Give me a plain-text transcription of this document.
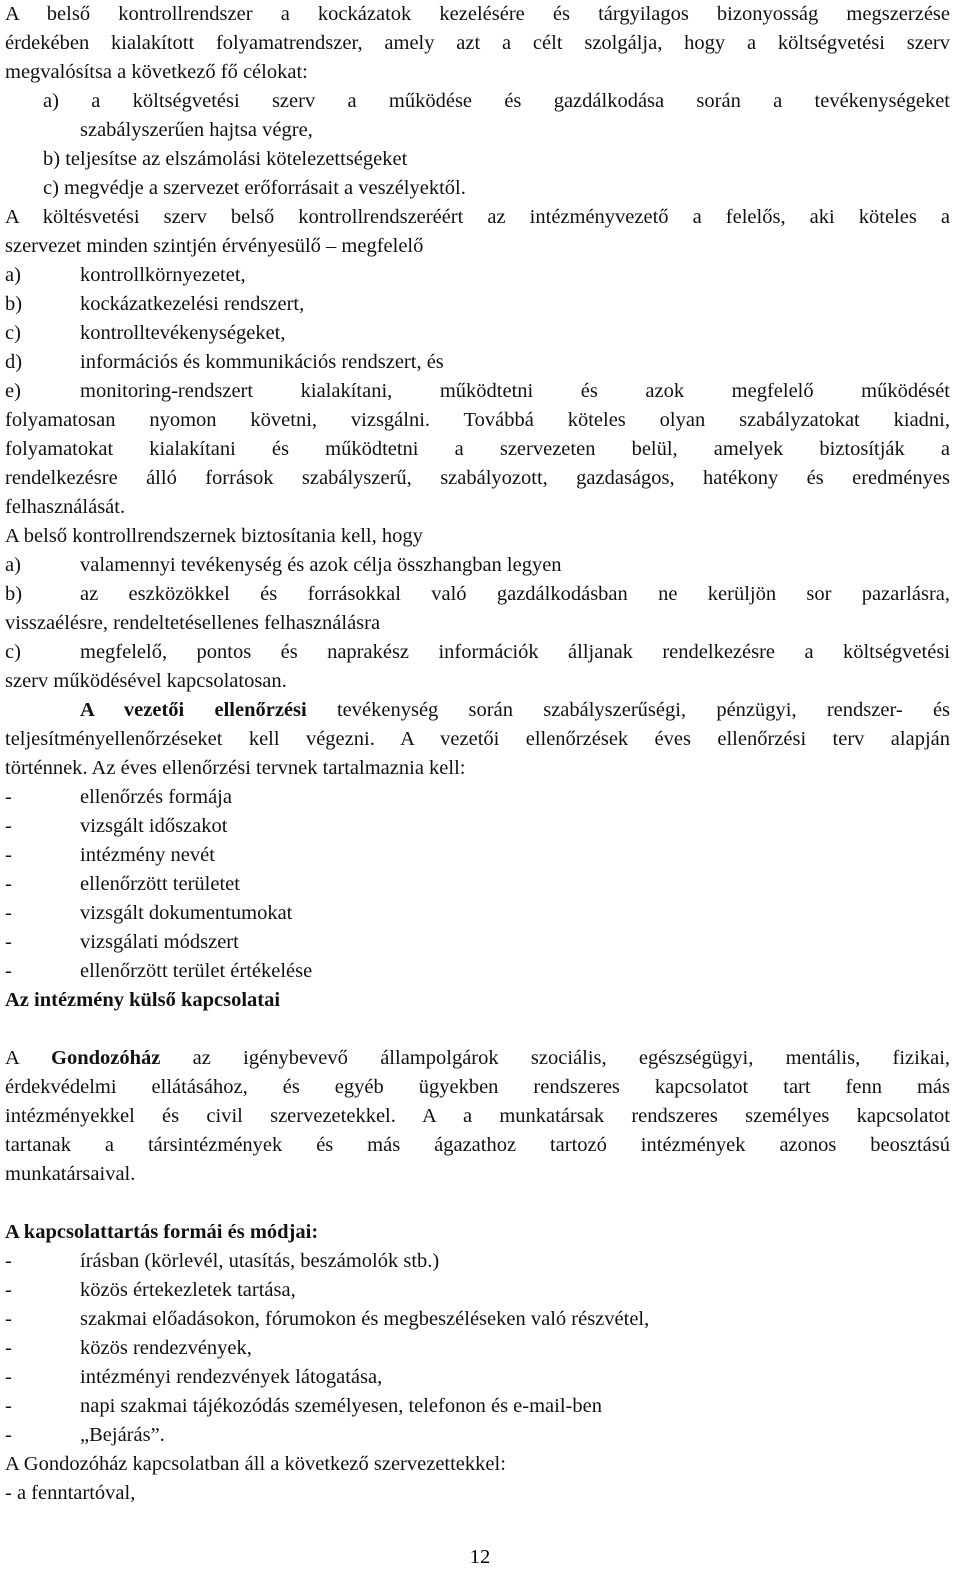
A belső kontrollrendszer a kockázatok kezelésére és tárgyilagos bizonyosság megszerzése
érdekében kialakított folyamatrendszer, amely azt a célt szolgálja, hogy a költségvetési szerv
megvalósítsa a következő fő célokat:
a) a költségvetési szerv a működése és gazdálkodása során a tevékenységeket
szabályszerűen hajtsa végre,
b) teljesítse az elszámolási kötelezettségeket
c) megvédje a szervezet erőforrásait a veszélyektől.
A költésvetési szerv belső kontrollrendszeréért az intézményvezető a felelős, aki köteles a
szervezet minden szintjén érvényesülő – megfelelő
a)	kontrollkörnyezetet,
b)	kockázatkezelési rendszert,
c)	kontrolltevékenységeket,
d)	információs és kommunikációs rendszert, és
e)	monitoring-rendszert kialakítani, működtetni és azok megfelelő működését
folyamatosan nyomon követni, vizsgálni. Továbbá köteles olyan szabályzatokat kiadni,
folyamatokat kialakítani és működtetni a szervezeten belül, amelyek biztosítják a
rendelkezésre álló források szabályszerű, szabályozott, gazdaságos, hatékony és eredményes
felhasználását.
A belső kontrollrendszernek biztosítania kell, hogy
a)	valamennyi tevékenység és azok célja összhangban legyen
b)	az eszközökkel és forrásokkal való gazdálkodásban ne kerüljön sor pazarlásra,
visszaélésre, rendeltetésellenes felhasználásra
c)	megfelelő, pontos és naprakész információk álljanak rendelkezésre a költségvetési
szerv működésével kapcsolatosan.
A vezetői ellenőrzési tevékenység során szabályszerűségi, pénzügyi, rendszer- és
teljesítményellenőrzéseket kell végezni. A vezetői ellenőrzések éves ellenőrzési terv alapján
történnek. Az éves ellenőrzési tervnek tartalmaznia kell:
-	ellenőrzés formája
-	vizsgált időszakot
-	intézmény nevét
-	ellenőrzött területet
-	vizsgált dokumentumokat
-	vizsgálati módszert
-	ellenőrzött terület értékelése
Az intézmény külső kapcsolatai
A Gondozóház az igénybevevő állampolgárok szociális, egészségügyi, mentális, fizikai,
érdekvédelmi ellátásához, és egyéb ügyekben rendszeres kapcsolatot tart fenn más
intézményekkel és civil szervezetekkel. A a munkatársak rendszeres személyes kapcsolatot
tartanak a társintézmények és más ágazathoz tartozó intézmények azonos beosztású
munkatársaival.
A kapcsolattartás formái és módjai:
-	írásban (körlevél, utasítás, beszámolók stb.)
-	közös értekezletek tartása,
-	szakmai előadásokon, fórumokon és megbeszéléseken való részvétel,
-	közös rendezvények,
-	intézményi rendezvények látogatása,
-	napi szakmai tájékozódás személyesen, telefonon és e-mail-ben
-	„Bejárás”.
A Gondozóház kapcsolatban áll a következő szervezettekkel:
- a fenntartóval,
12
